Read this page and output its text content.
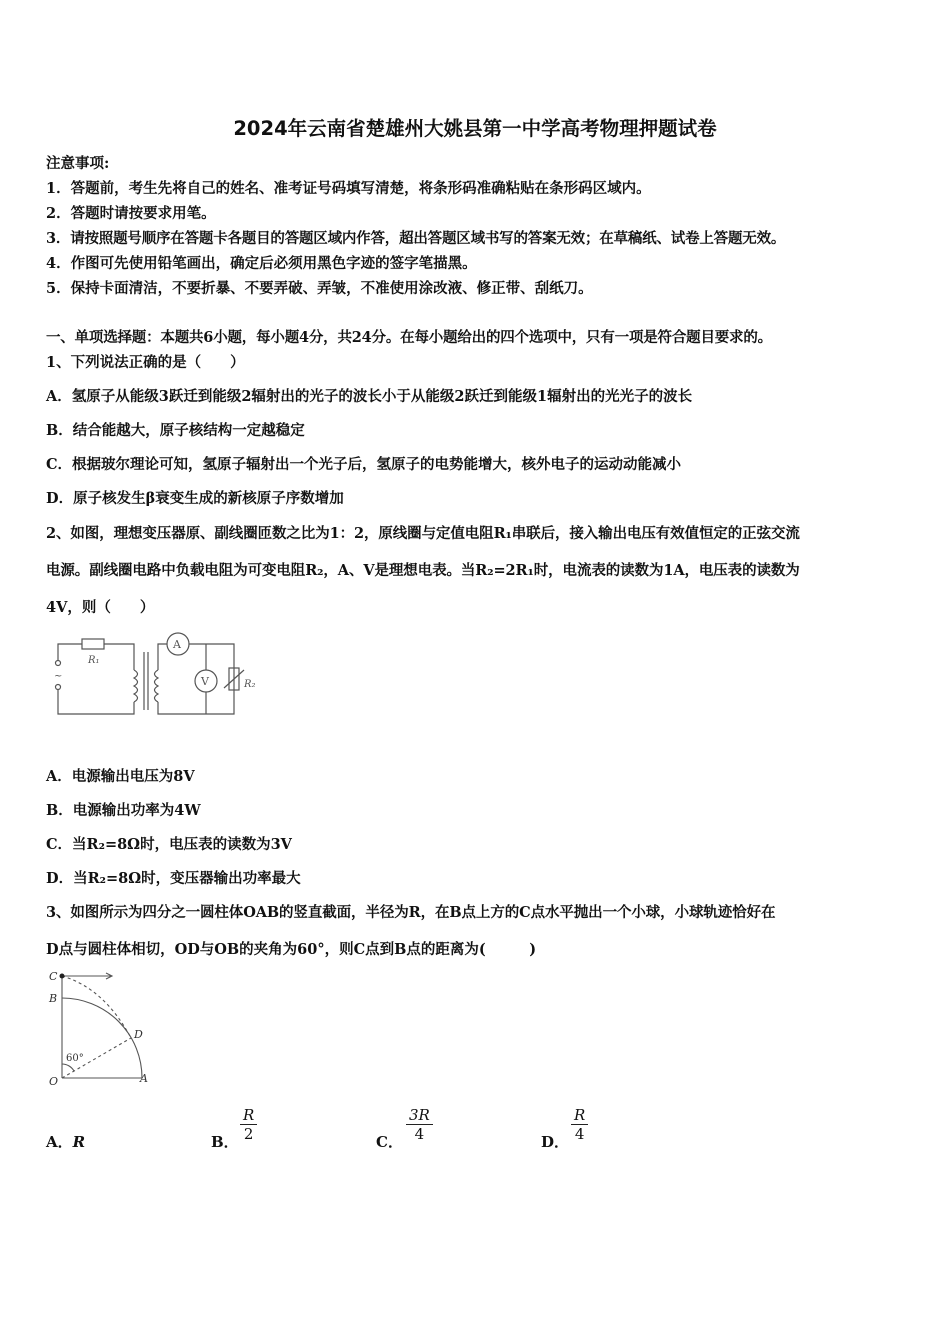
2024年云南省楚雄州大姚县第一中学高考物理押题试卷
注意事项:
1．答题前，考生先将自己的姓名、准考证号码填写清楚，将条形码准确粘贴在条形码区域内。
2．答题时请按要求用笔。
3．请按照题号顺序在答题卡各题目的答题区域内作答，超出答题区域书写的答案无效；在草稿纸、试卷上答题无效。
4．作图可先使用铅笔画出，确定后必须用黑色字迹的签字笔描黑。
5．保持卡面清洁，不要折暴、不要弄破、弄皱，不准使用涂改液、修正带、刮纸刀。
一、单项选择题：本题共6小题，每小题4分，共24分。在每小题给出的四个选项中，只有一项是符合题目要求的。
1、下列说法正确的是（　　）
A．氢原子从能级3跃迁到能级2辐射出的光子的波长小于从能级2跃迁到能级1辐射出的光光子的波长
B．结合能越大，原子核结构一定越稳定
C．根据玻尔理论可知，氢原子辐射出一个光子后，氢原子的电势能增大，核外电子的运动动能减小
D．原子核发生β衰变生成的新核原子序数增加
2、如图，理想变压器原、副线圈匝数之比为1：2，原线圈与定值电阻R₁串联后，接入输出电压有效值恒定的正弦交流
电源。副线圈电路中负载电阻为可变电阻R₂，A、V是理想电表。当R₂=2R₁时，电流表的读数为1A，电压表的读数为
4V，则（　　）
R₁
A
V	R₂
~
A．电源输出电压为8V
B．电源输出功率为4W
C．当R₂=8Ω时，电压表的读数为3V
D．当R₂=8Ω时，变压器输出功率最大
3、如图所示为四分之一圆柱体OAB的竖直截面，半径为R，在B点上方的C点水平抛出一个小球，小球轨迹恰好在
D点与圆柱体相切，OD与OB的夹角为60°，则C点到B点的距离为(　　　)
C
B
D
O	A
60°
A．R	B． $\frac{R}{2}$	C． $\frac{3R}{4}$	D． $\frac{R}{4}$
